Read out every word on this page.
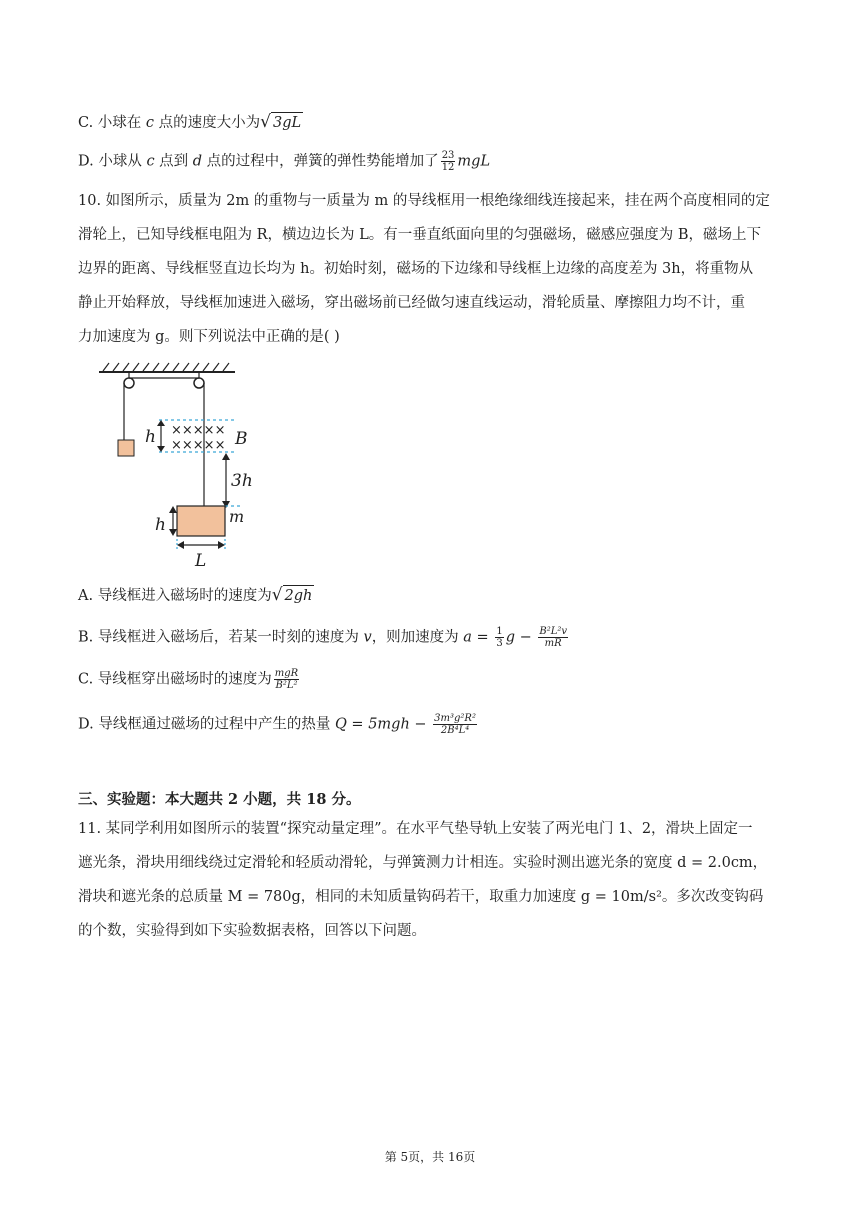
C. 小球在 c 点的速度大小为√ 3gL
D. 小球从 c 点到 d 点的过程中，弹簧的弹性势能增加了 $\frac{23}{12}$ mgL
10. 如图所示，质量为 2m 的重物与一质量为 m 的导线框用一根绝缘细线连接起来，挂在两个高度相同的定
滑轮上，已知导线框电阻为 R，横边边长为 L。有一垂直纸面向里的匀强磁场，磁感应强度为 B，磁场上下
边界的距离、导线框竖直边长均为 h。初始时刻，磁场的下边缘和导线框上边缘的高度差为 3h，将重物从
静止开始释放，导线框加速进入磁场，穿出磁场前已经做匀速直线运动，滑轮质量、摩擦阻力均不计，重
力加速度为 g。则下列说法中正确的是( )
×××××
×××××
h	B
3h
m
h
L
A. 导线框进入磁场时的速度为√ 2gh
B. 导线框进入磁场后，若某一时刻的速度为 v，则加速度为 $a = \frac{1}{3}$ $g - \frac{\text{B²L²v}}{mR}$
C. 导线框穿出磁场时的速度为 $\frac{\text{mgR}}{\text{B²L²}}$
D. 导线框通过磁场的过程中产生的热量 $Q = 5mgh - \frac{\text{3m³g²R²}}{\text{2B⁴L⁴}}$
三、实验题：本大题共 2 小题，共 18 分。
11. 某同学利用如图所示的装置“探究动量定理”。在水平气垫导轨上安装了两光电门 1、2，滑块上固定一
遮光条，滑块用细线绕过定滑轮和轻质动滑轮，与弹簧测力计相连。实验时测出遮光条的宽度 d = 2.0cm，
滑块和遮光条的总质量 M = 780g，相同的未知质量钩码若干，取重力加速度 g = 10m/s²。多次改变钩码
的个数，实验得到如下实验数据表格，回答以下问题。
第 5页，共 16页
